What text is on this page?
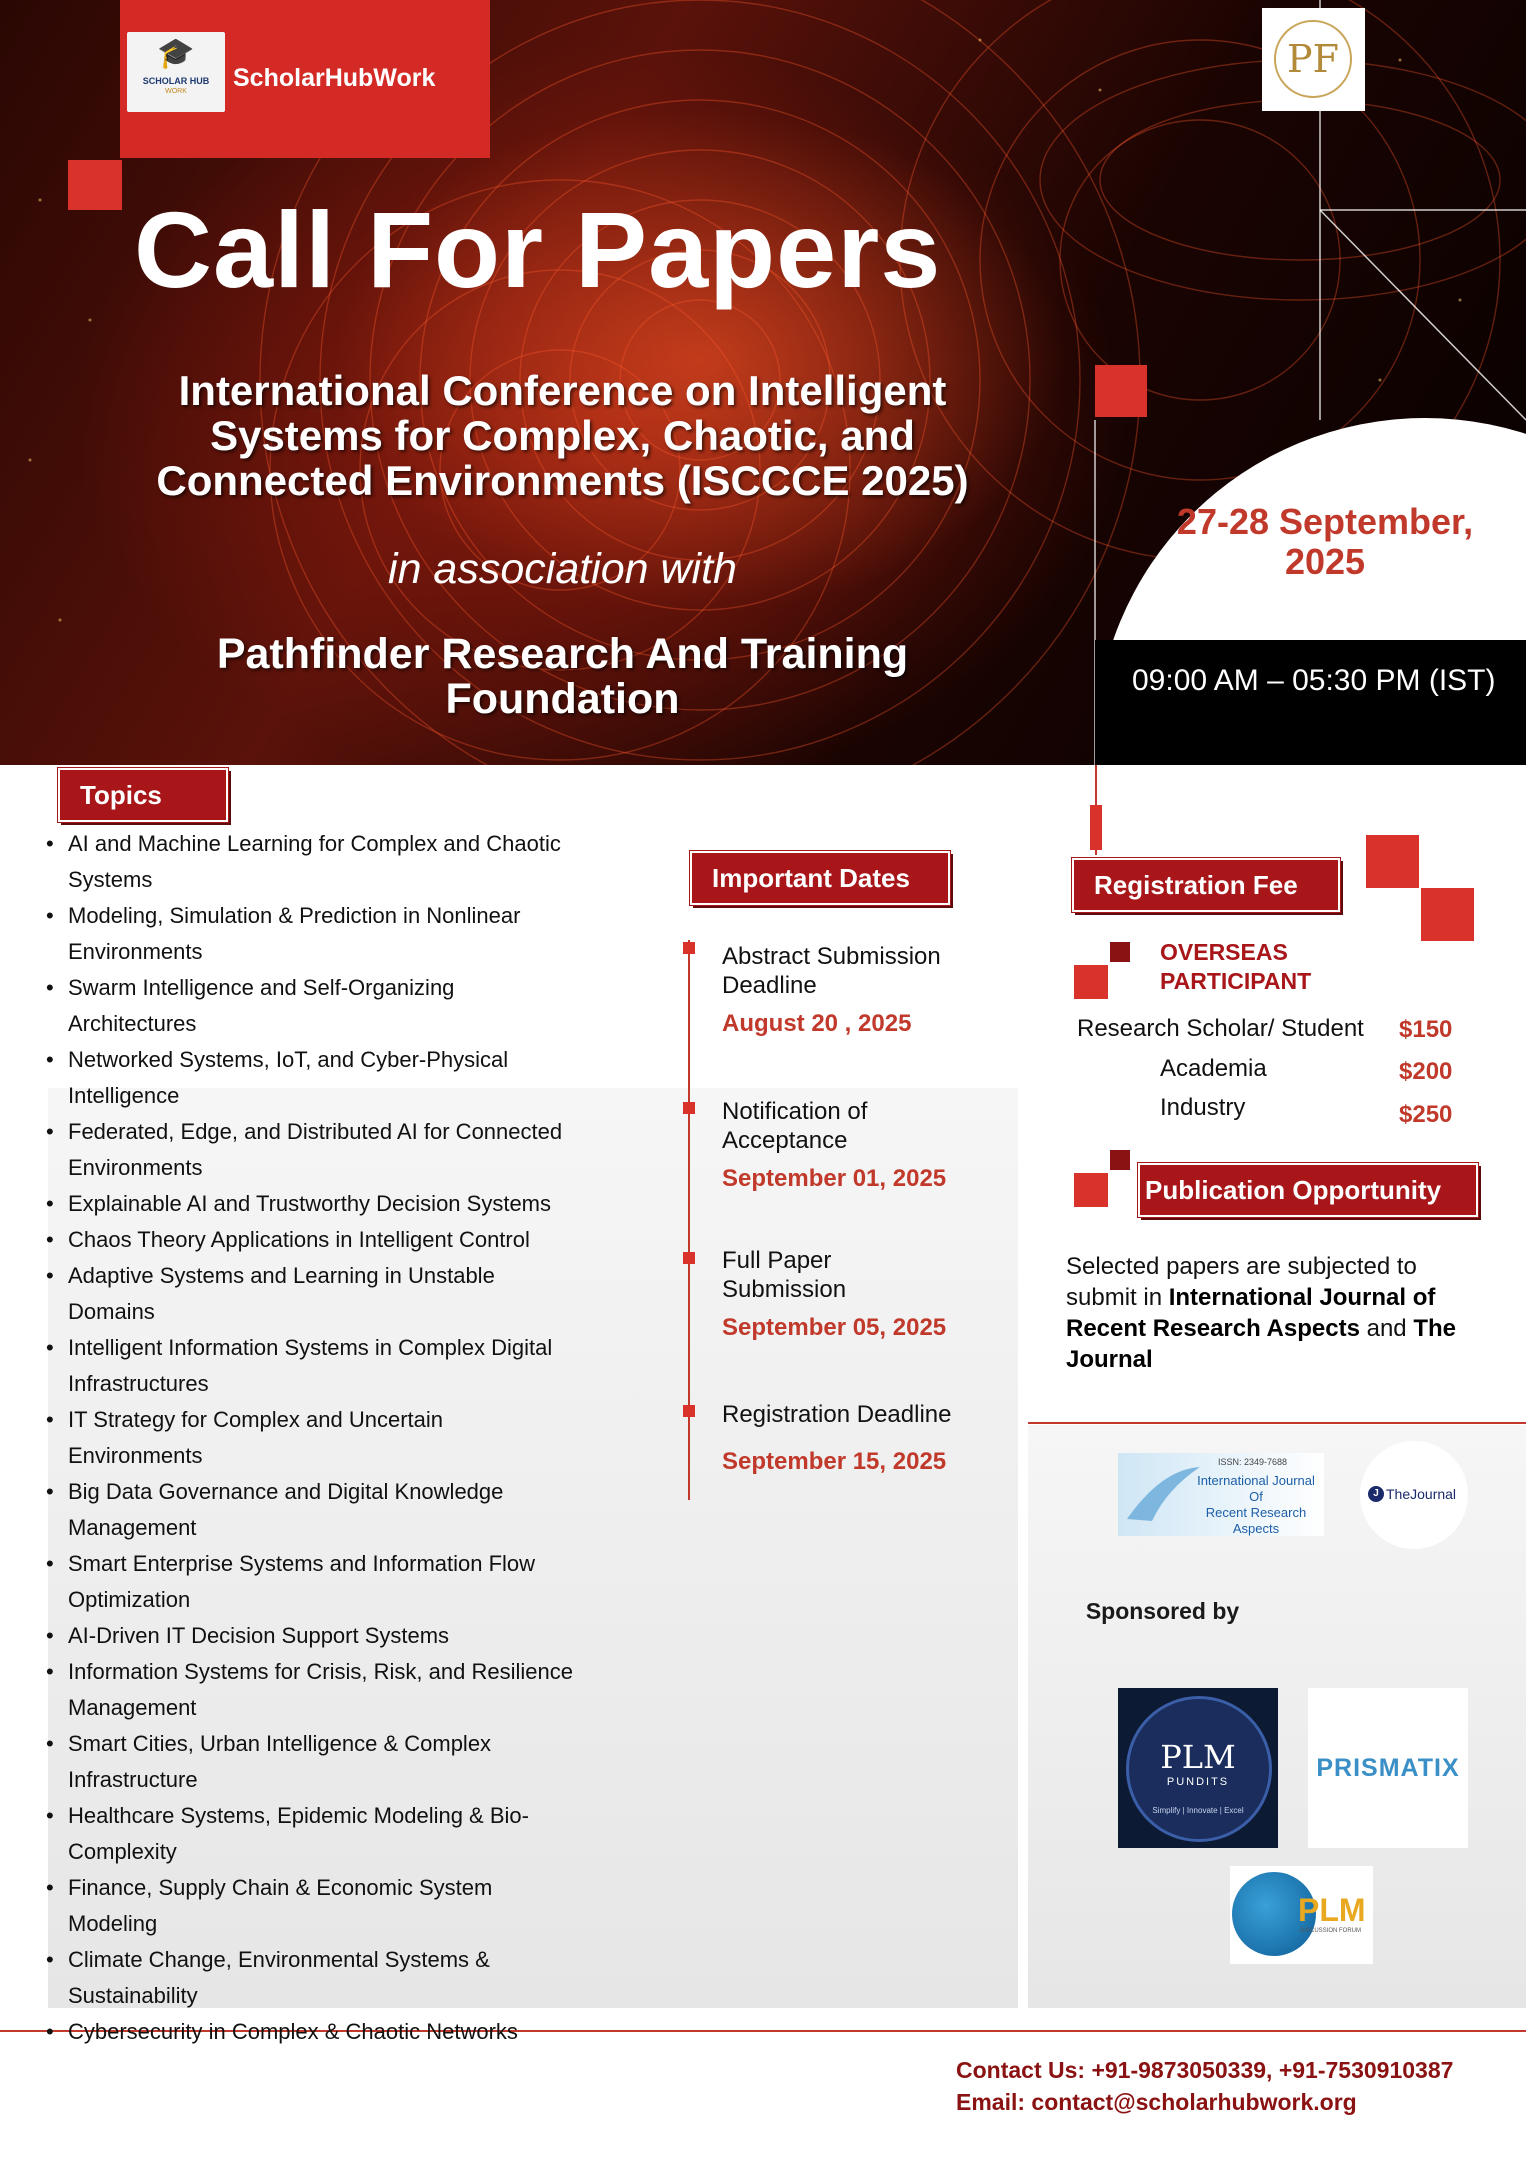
🎓
SCHOLAR HUB
WORK	ScholarHubWork	PF
Call For Papers
International Conference on Intelligent
Systems for Complex, Chaotic, and
Connected Environments (ISCCCE 2025)
in association with
Pathfinder Research And Training
Foundation
27-28 September,
2025
09:00 AM – 05:30 PM (IST)
Topics
• AI and Machine Learning for Complex and Chaotic
Systems
• Modeling, Simulation & Prediction in Nonlinear
Environments
• Swarm Intelligence and Self-Organizing
Architectures
• Networked Systems, IoT, and Cyber-Physical
Intelligence
• Federated, Edge, and Distributed AI for Connected
Environments
• Explainable AI and Trustworthy Decision Systems
• Chaos Theory Applications in Intelligent Control
• Adaptive Systems and Learning in Unstable
Domains
• Intelligent Information Systems in Complex Digital
Infrastructures
• IT Strategy for Complex and Uncertain
Environments
• Big Data Governance and Digital Knowledge
Management
• Smart Enterprise Systems and Information Flow
Optimization
• AI-Driven IT Decision Support Systems
• Information Systems for Crisis, Risk, and Resilience
Management
• Smart Cities, Urban Intelligence & Complex
Infrastructure
• Healthcare Systems, Epidemic Modeling & Bio-
Complexity
• Finance, Supply Chain & Economic System
Modeling
• Climate Change, Environmental Systems &
Sustainability
• Cybersecurity in Complex & Chaotic Networks
Important Dates
Abstract Submission
Deadline
August 20 , 2025
Notification of
Acceptance
September 01, 2025
Full Paper
Submission
September 05, 2025
Registration Deadline
September 15, 2025
Registration Fee
OVERSEAS
PARTICIPANT
Research Scholar/ Student $150
Academia	$200
Industry	$250
Publication Opportunity
Selected papers are subjected to submit in International Journal of Recent Research Aspects and The Journal
ISSN: 2349-7688
International Journal
Of
Recent Research Aspects
J TheJournal
Sponsored by
PLM
PUNDITS
Simplify | Innovate | Excel
PRISMATIX
PLM
DISCUSSION FORUM
Contact Us: +91-9873050339, +91-7530910387
Email: contact@scholarhubwork.org
